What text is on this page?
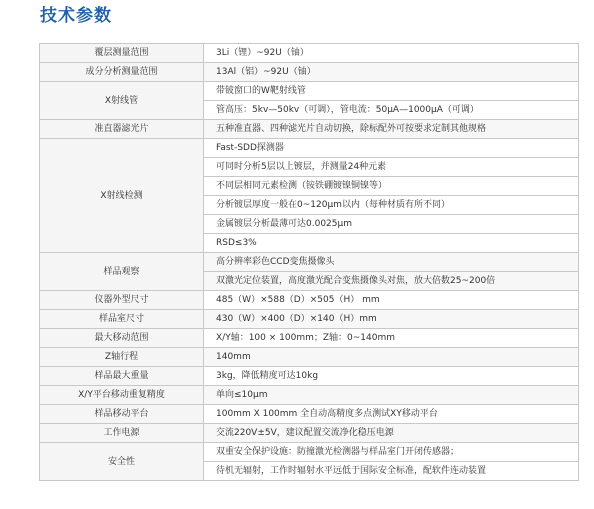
技术参数
覆层测量范围	3Li（锂）~92U（铀）
成分分析测量范围	13Al（铝）~92U（铀）
X射线管	带铍窗口的W靶射线管
	管高压：5kv—50kv（可调），管电流：50μA—1000μA（可调）
准直器滤光片	五种准直器、四种滤光片自动切换，除标配外可按要求定制其他规格
X射线检测	Fast-SDD探测器
	可同时分析5层以上镀层，并测量24种元素
	不同层相同元素检测（铵铁硼镀镍铜镍等）
	分析镀层厚度一般在0~120μm以内（每种材质有所不同）
	金属镀层分析最薄可达0.0025μm
	RSD≤3%
样品观察	高分辨率彩色CCD变焦摄像头
	双激光定位装置，高度激光配合变焦摄像头对焦，放大倍数25~200倍
仪器外型尺寸	485（W）×588（D）×505（H） mm
样品室尺寸	430（W）×400（D）×140（H）mm
最大移动范围	X/Y轴：100 × 100mm；Z轴：0~140mm
Z轴行程	140mm
样品最大重量	3kg，降低精度可达10kg
X/Y平台移动重复精度	单向≤10μm
样品移动平台	100mm X 100mm 全自动高精度多点测试XY移动平台
工作电源	交流220V±5V，建议配置交流净化稳压电源
安全性	双重安全保护设施：防撞激光检测器与样品室门开闭传感器；
	待机无辐射，工作时辐射水平远低于国际安全标准，配软件连动装置
